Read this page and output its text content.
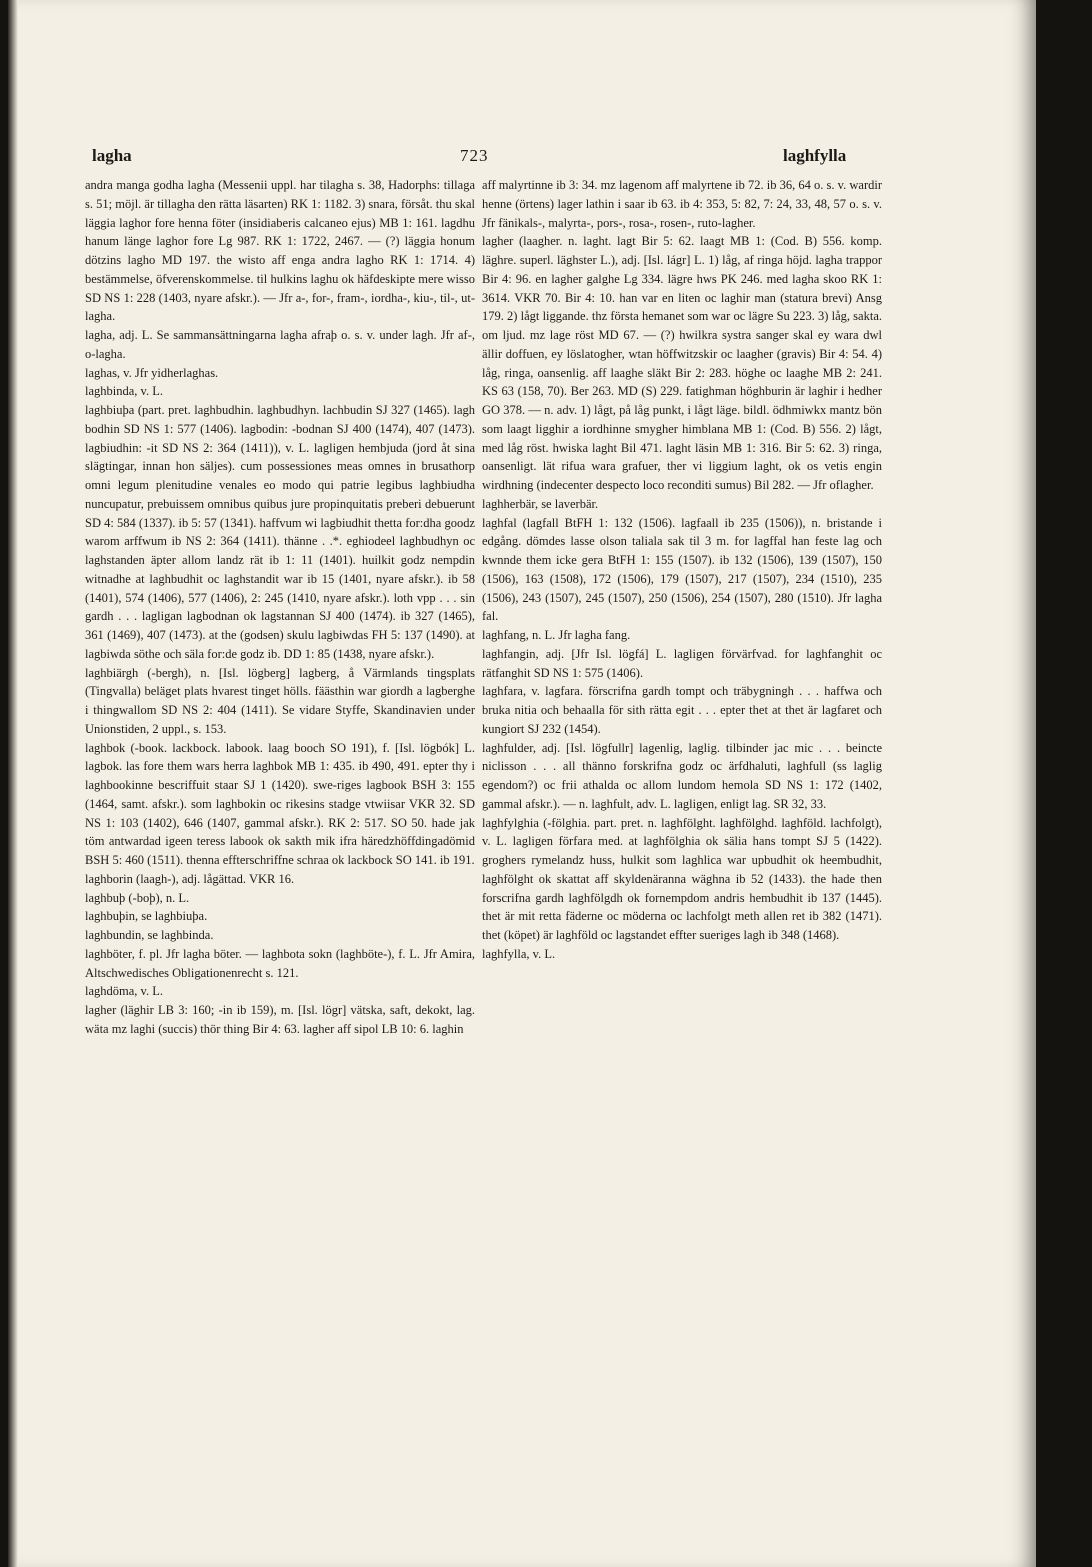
lagha	723	laghfylla

andra manga godha lagha (Messenii uppl. har tilagha s. 38, Hadorphs: tillaga s. 51; möjl. är tillagha den rätta läsarten) RK 1: 1182. 3) snara, försåt. thu skal läggia laghor fore henna föter (insidiaberis calcaneo ejus) MB 1: 161. lagdhu hanum länge laghor fore Lg 987. RK 1: 1722, 2467. — (?) läggia honum dötzins lagho MD 197. the wisto aff enga andra lagho RK 1: 1714. 4) bestämmelse, öfverenskommelse. til hulkins laghu ok häfdeskipte mere wisso SD NS 1: 228 (1403, nyare afskr.). — Jfr a-, for-, fram-, iordha-, kiu-, til-, ut-lagha.

lagha, adj. L. Se sammansättningarna lagha afraþ o. s. v. under lagh. Jfr af-, o-lagha.

laghas, v. Jfr yidherlaghas.

laghbinda, v. L.

laghbiuþa (part. pret. laghbudhin. laghbudhyn. lachbudin SJ 327 (1465). lagh bodhin SD NS 1: 577 (1406). lagbodin: -bodnan SJ 400 (1474), 407 (1473). lagbiudhin: -it SD NS 2: 364 (1411)), v. L. lagligen hembjuda (jord åt sina slägtingar, innan hon säljes). cum possessiones meas omnes in brusathorp omni legum plenitudine venales eo modo qui patrie legibus laghbiudha nuncupatur, prebuissem omnibus quibus jure propinquitatis preberi debuerunt SD 4: 584 (1337). ib 5: 57 (1341). haffvum wi lagbiudhit thetta for:dha goodz warom arffwum ib NS 2: 364 (1411). thänne . .*. eghiodeel laghbudhyn oc laghstanden äpter allom landz rät ib 1: 11 (1401). huilkit godz nempdin witnadhe at laghbudhit oc laghstandit war ib 15 (1401, nyare afskr.). ib 58 (1401), 574 (1406), 577 (1406), 2: 245 (1410, nyare afskr.). loth vpp . . . sin gardh . . . lagligan lagbodnan ok lagstannan SJ 400 (1474). ib 327 (1465), 361 (1469), 407 (1473). at the (godsen) skulu lagbiwdas FH 5: 137 (1490). at lagbiwda söthe och säla for:de godz ib. DD 1: 85 (1438, nyare afskr.).

laghbiärgh (-bergh), n. [Isl. lögberg] lagberg, å Värmlands tingsplats (Tingvalla) beläget plats hvarest tinget hölls. fäästhin war giordh a lagberghe i thingwallom SD NS 2: 404 (1411). Se vidare Styffe, Skandinavien under Unionstiden, 2 uppl., s. 153.

laghbok (-book. lackbock. labook. laag booch SO 191), f. [Isl. lögbók] L. lagbok. las fore them wars herra laghbok MB 1: 435. ib 490, 491. epter thy i laghbookinne bescriffuit staar SJ 1 (1420). swe-riges lagbook BSH 3: 155 (1464, samt. afskr.). som laghbokin oc rikesins stadge vtwiisar VKR 32. SD NS 1: 103 (1402), 646 (1407, gammal afskr.). RK 2: 517. SO 50. hade jak töm antwardad igeen teress labook ok sakth mik ifra häredzhöffdingadömid BSH 5: 460 (1511). thenna effterschriffne schraa ok lackbock SO 141. ib 191.

laghborin (laagh-), adj. lågättad. VKR 16.

laghbuþ (-boþ), n. L.

laghbuþin, se laghbiuþa.

laghbundin, se laghbinda.

laghböter, f. pl. Jfr lagha böter. — laghbota sokn (laghböte-), f. L. Jfr Amira, Altschwedisches Obligationenrecht s. 121.

laghdöma, v. L.

lagher (läghir LB 3: 160; -in ib 159), m. [Isl. lögr] vätska, saft, dekokt, lag. wäta mz laghi (succis) thör thing Bir 4: 63. lagher aff sipol LB 10: 6. laghin

aff malyrtinne ib 3: 34. mz lagenom aff malyrtene ib 72. ib 36, 64 o. s. v. wardir henne (örtens) lager lathin i saar ib 63. ib 4: 353, 5: 82, 7: 24, 33, 48, 57 o. s. v. Jfr fänikals-, malyrta-, pors-, rosa-, rosen-, ruto-lagher.

lagher (laagher. n. laght. lagt Bir 5: 62. laagt MB 1: (Cod. B) 556. komp. läghre. superl. läghster L.), adj. [Isl. lágr] L. 1) låg, af ringa höjd. lagha trappor Bir 4: 96. en lagher galghe Lg 334. lägre hws PK 246. med lagha skoo RK 1: 3614. VKR 70. Bir 4: 10. han var en liten oc laghir man (statura brevi) Ansg 179. 2) lågt liggande. thz första hemanet som war oc lägre Su 223. 3) låg, sakta. om ljud. mz lage röst MD 67. — (?) hwilkra systra sanger skal ey wara dwl ällir doffuen, ey löslatogher, wtan höffwitzskir oc laagher (gravis) Bir 4: 54. 4) låg, ringa, oansenlig. aff laaghe släkt Bir 2: 283. höghe oc laaghe MB 2: 241. KS 63 (158, 70). Ber 263. MD (S) 229. fatighman höghburin är laghir i hedher GO 378. — n. adv. 1) lågt, på låg punkt, i lågt läge. bildl. ödhmiwkx mantz bön som laagt ligghir a iordhinne smygher himblana MB 1: (Cod. B) 556. 2) lågt, med låg röst. hwiska laght Bil 471. laght läsin MB 1: 316. Bir 5: 62. 3) ringa, oansenligt. lät rifua wara grafuer, ther vi liggium laght, ok os vetis engin wirdhning (indecenter despecto loco reconditi sumus) Bil 282. — Jfr oflagher.

laghherbär, se laverbär.

laghfal (lagfall BtFH 1: 132 (1506). lagfaall ib 235 (1506)), n. bristande i edgång. dömdes lasse olson taliala sak til 3 m. for lagffal han feste lag och kwnnde them icke gera BtFH 1: 155 (1507). ib 132 (1506), 139 (1507), 150 (1506), 163 (1508), 172 (1506), 179 (1507), 217 (1507), 234 (1510), 235 (1506), 243 (1507), 245 (1507), 250 (1506), 254 (1507), 280 (1510). Jfr lagha fal.

laghfang, n. L. Jfr lagha fang.

laghfangin, adj. [Jfr Isl. lögfá] L. lagligen förvärfvad. for laghfanghit oc rätfanghit SD NS 1: 575 (1406).

laghfara, v. lagfara. förscrifna gardh tompt och träbygningh . . . haffwa och bruka nitia och behaalla för sith rätta egit . . . epter thet at thet är lagfaret och kungiort SJ 232 (1454).

laghfulder, adj. [Isl. lögfullr] lagenlig, laglig. tilbinder jac mic . . . beincte niclisson . . . all thänno forskrifna godz oc ärfdhaluti, laghfull (ss laglig egendom?) oc frii athalda oc allom lundom hemola SD NS 1: 172 (1402, gammal afskr.). — n. laghfult, adv. L. lagligen, enligt lag. SR 32, 33.

laghfylghia (-fölghia. part. pret. n. laghfölght. laghfölghd. laghföld. lachfolgt), v. L. lagligen förfara med. at laghfölghia ok sälia hans tompt SJ 5 (1422). groghers rymelandz huss, hulkit som laghlica war upbudhit ok heembudhit, laghfölght ok skattat aff skyldenäranna wäghna ib 52 (1433). the hade then forscrifna gardh laghfölgdh ok fornempdom andris hembudhit ib 137 (1445). thet är mit retta fäderne oc möderna oc lachfolgt meth allen ret ib 382 (1471). thet (köpet) är laghföld oc lagstandet effter sueriges lagh ib 348 (1468).

laghfylla, v. L.
